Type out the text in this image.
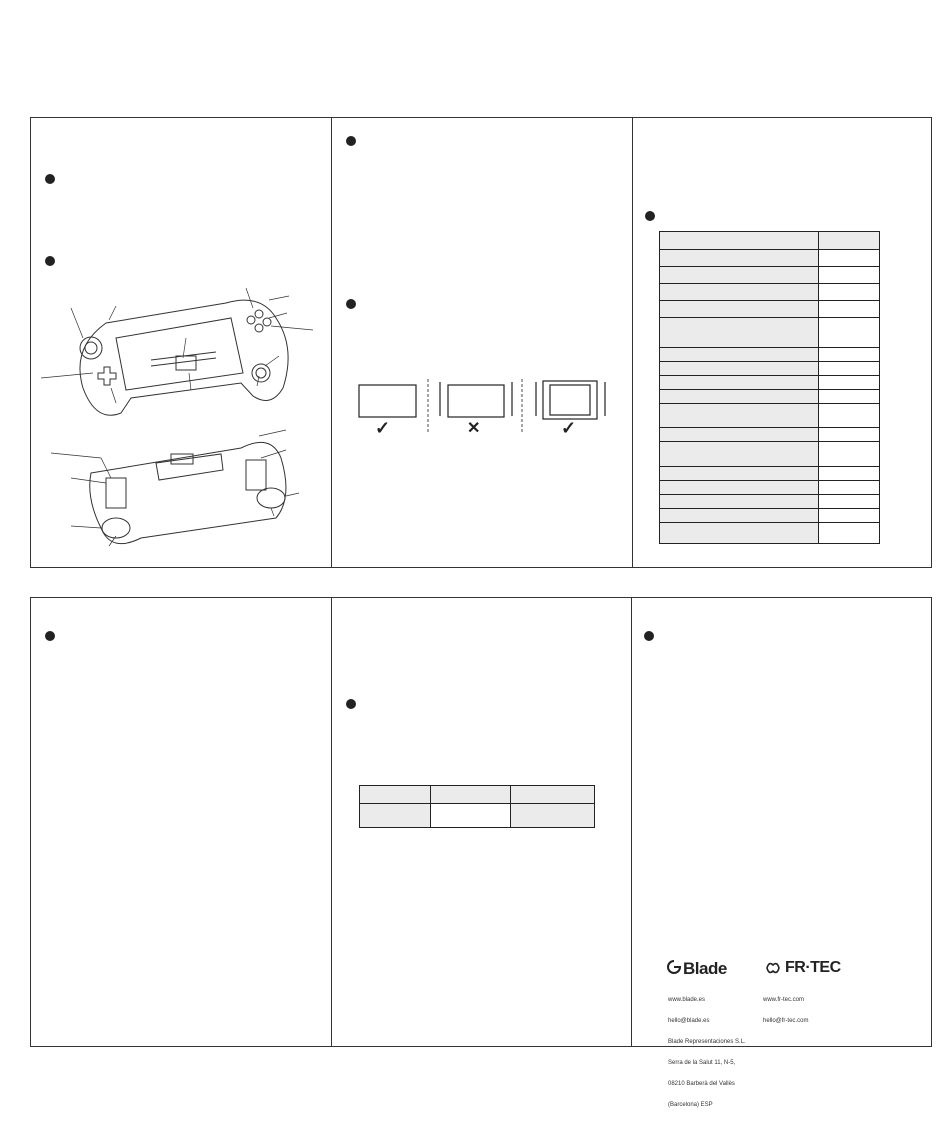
✓	✕	✓

Blade	FR·TEC

www.blade.es

hello@blade.es

Blade Representaciones S.L.

Serra de la Salut 11, N-5,

08210 Barberà del Vallès

(Barcelona) ESP

www.fr-tec.com

hello@fr-tec.com
